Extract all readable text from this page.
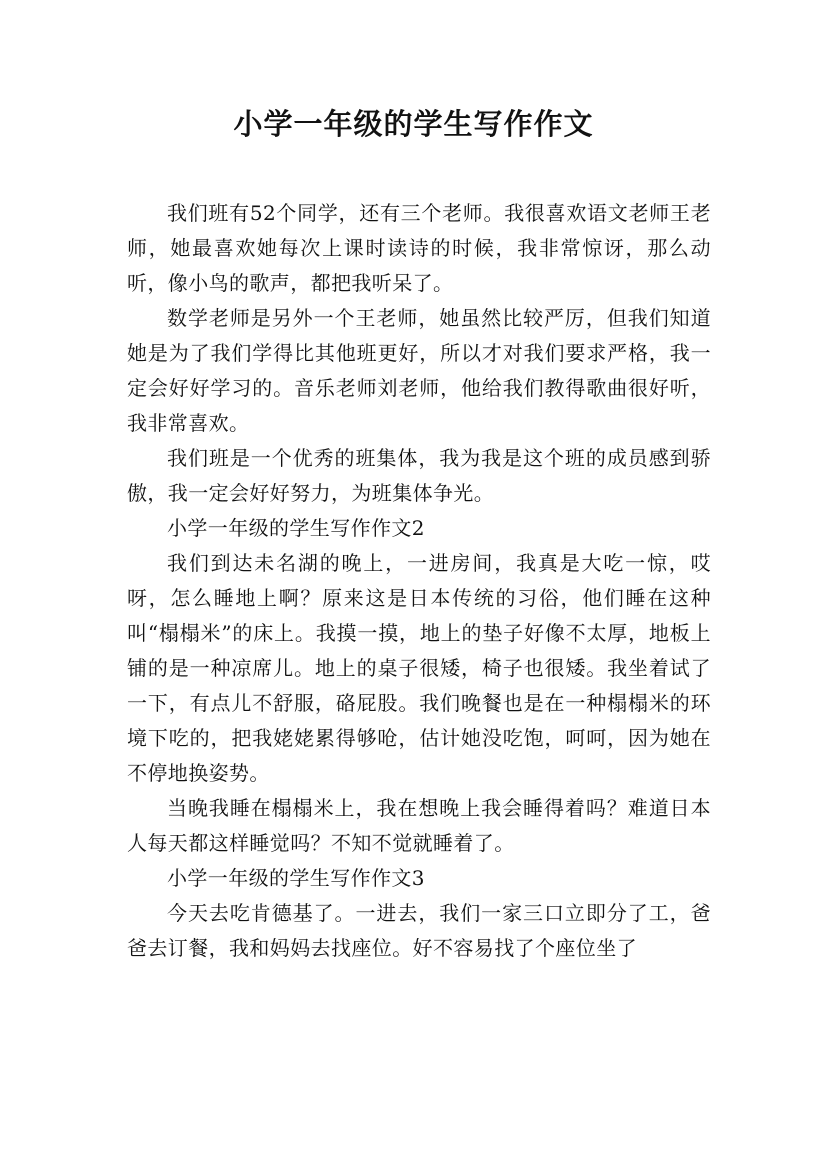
小学一年级的学生写作作文

我们班有52个同学，还有三个老师。我很喜欢语文老师王老师，她最喜欢她每次上课时读诗的时候，我非常惊讶，那么动听，像小鸟的歌声，都把我听呆了。

数学老师是另外一个王老师，她虽然比较严厉，但我们知道她是为了我们学得比其他班更好，所以才对我们要求严格，我一定会好好学习的。音乐老师刘老师，他给我们教得歌曲很好听，我非常喜欢。

我们班是一个优秀的班集体，我为我是这个班的成员感到骄傲，我一定会好好努力，为班集体争光。

小学一年级的学生写作作文2

我们到达未名湖的晚上，一进房间，我真是大吃一惊，哎呀，怎么睡地上啊？原来这是日本传统的习俗，他们睡在这种叫“榻榻米”的床上。我摸一摸，地上的垫子好像不太厚，地板上铺的是一种凉席儿。地上的桌子很矮，椅子也很矮。我坐着试了一下，有点儿不舒服，硌屁股。我们晚餐也是在一种榻榻米的环境下吃的，把我姥姥累得够呛，估计她没吃饱，呵呵，因为她在不停地换姿势。

当晚我睡在榻榻米上，我在想晚上我会睡得着吗？难道日本人每天都这样睡觉吗？不知不觉就睡着了。

小学一年级的学生写作作文3

今天去吃肯德基了。一进去，我们一家三口立即分了工，爸爸去订餐，我和妈妈去找座位。好不容易找了个座位坐了
